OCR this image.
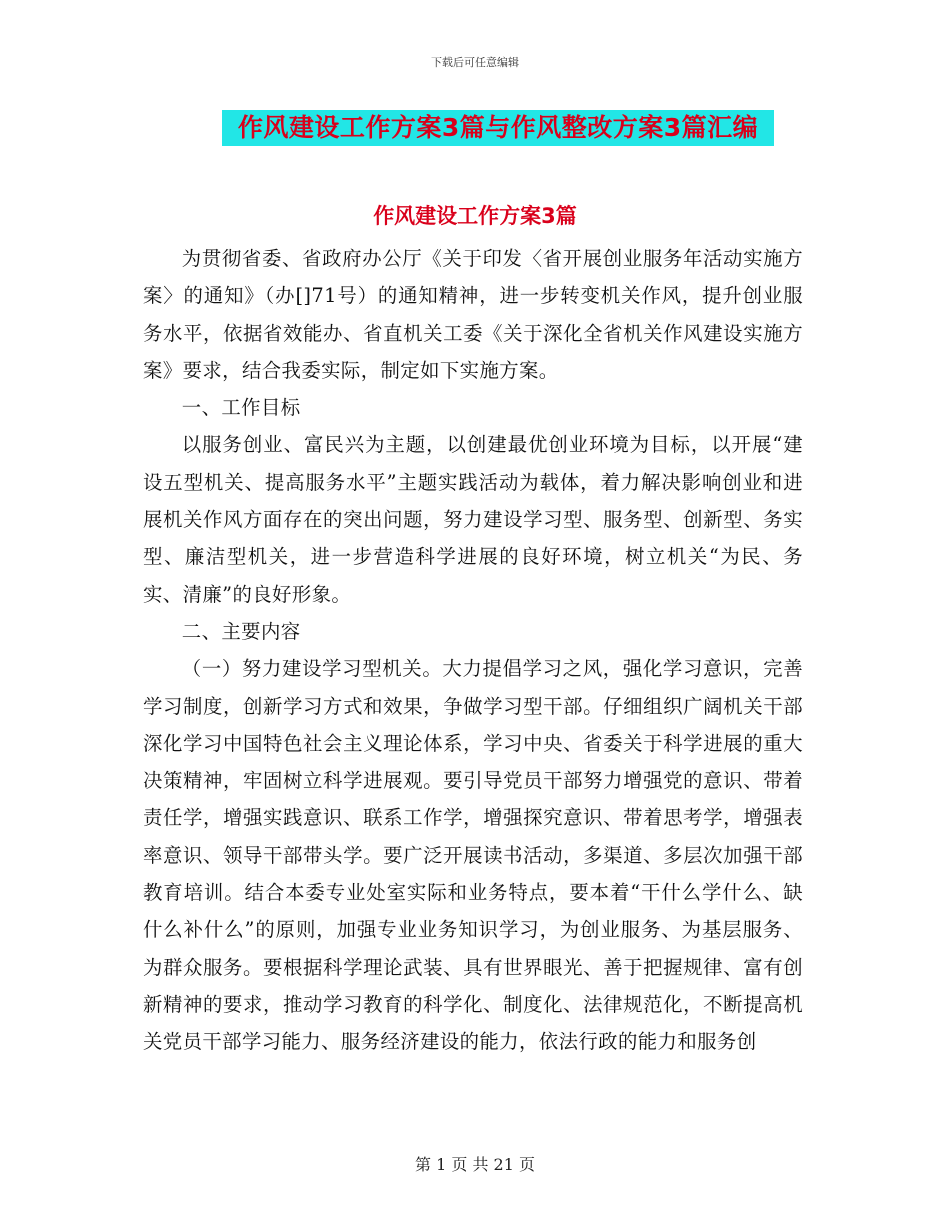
下载后可任意编辑
作风建设工作方案3篇与作风整改方案3篇汇编
作风建设工作方案3篇

为贯彻省委、省政府办公厅《关于印发〈省开展创业服务年活动实施方案〉的通知》（办[]71号）的通知精神，进一步转变机关作风，提升创业服务水平，依据省效能办、省直机关工委《关于深化全省机关作风建设实施方案》要求，结合我委实际，制定如下实施方案。

一、工作目标

以服务创业、富民兴为主题，以创建最优创业环境为目标，以开展“建设五型机关、提高服务水平”主题实践活动为载体，着力解决影响创业和进展机关作风方面存在的突出问题，努力建设学习型、服务型、创新型、务实型、廉洁型机关，进一步营造科学进展的良好环境，树立机关“为民、务实、清廉”的良好形象。

二、主要内容

（一）努力建设学习型机关。大力提倡学习之风，强化学习意识，完善学习制度，创新学习方式和效果，争做学习型干部。仔细组织广阔机关干部深化学习中国特色社会主义理论体系，学习中央、省委关于科学进展的重大决策精神，牢固树立科学进展观。要引导党员干部努力增强党的意识、带着责任学，增强实践意识、联系工作学，增强探究意识、带着思考学，增强表率意识、领导干部带头学。要广泛开展读书活动，多渠道、多层次加强干部教育培训。结合本委专业处室实际和业务特点，要本着“干什么学什么、缺什么补什么”的原则，加强专业业务知识学习，为创业服务、为基层服务、为群众服务。要根据科学理论武装、具有世界眼光、善于把握规律、富有创新精神的要求，推动学习教育的科学化、制度化、法律规范化，不断提高机关党员干部学习能力、服务经济建设的能力，依法行政的能力和服务创

第 1 页 共 21 页
